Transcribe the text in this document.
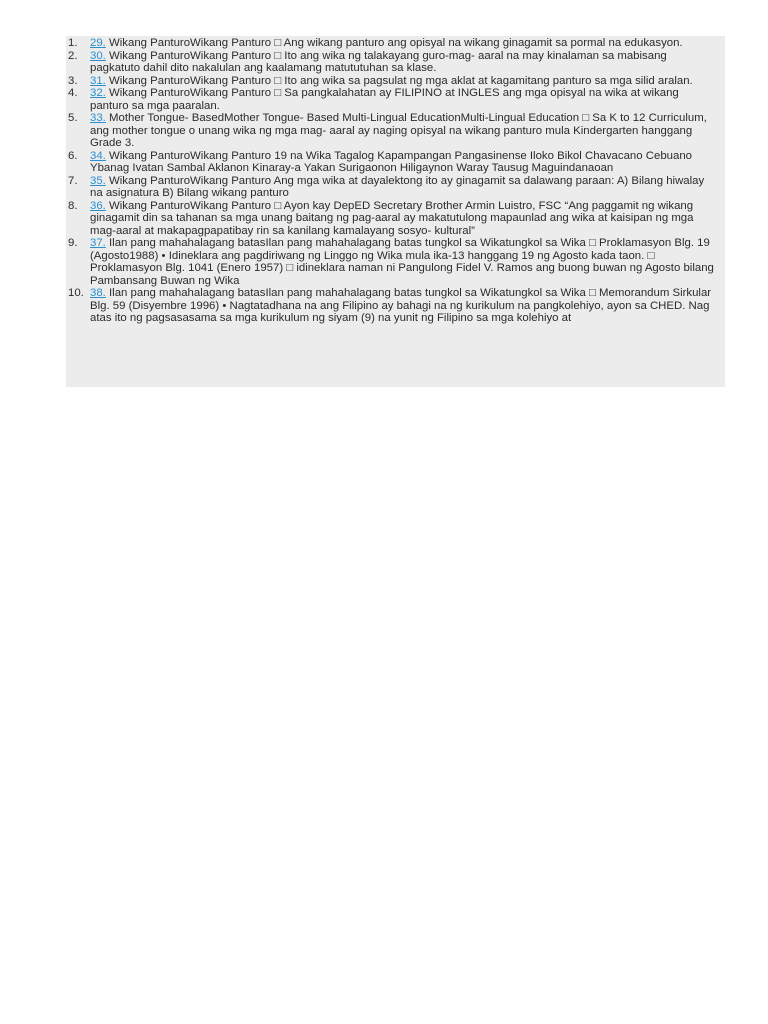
1.	29. Wikang PanturoWikang Panturo □ Ang wikang panturo ang opisyal na wikang ginagamit sa pormal na edukasyon.
2.	30. Wikang PanturoWikang Panturo □ Ito ang wika ng talakayang guro-mag- aaral na may kinalaman sa mabisang pagkatuto dahil dito nakalulan ang kaalamang matututuhan sa klase.
3.	31. Wikang PanturoWikang Panturo □ Ito ang wika sa pagsulat ng mga aklat at kagamitang panturo sa mga silid aralan.
4.	32. Wikang PanturoWikang Panturo □ Sa pangkalahatan ay FILIPINO at INGLES ang mga opisyal na wika at wikang panturo sa mga paaralan.
5.	33. Mother Tongue- BasedMother Tongue- Based Multi-Lingual EducationMulti-Lingual Education □ Sa K to 12 Curriculum, ang mother tongue o unang wika ng mga mag- aaral ay naging opisyal na wikang panturo mula Kindergarten hanggang Grade 3.
6.	34. Wikang PanturoWikang Panturo 19 na Wika Tagalog Kapampangan Pangasinense Iloko Bikol Chavacano Cebuano Ybanag Ivatan Sambal Aklanon Kinaray-a Yakan Surigaonon Hiligaynon Waray Tausug Maguindanaoan
7.	35. Wikang PanturoWikang Panturo Ang mga wika at dayalektong ito ay ginagamit sa dalawang paraan: A) Bilang hiwalay na asignatura B) Bilang wikang panturo
8.	36. Wikang PanturoWikang Panturo □ Ayon kay DepED Secretary Brother Armin Luistro, FSC “Ang paggamit ng wikang ginagamit din sa tahanan sa mga unang baitang ng pag-aaral ay makatutulong mapaunlad ang wika at kaisipan ng mga mag-aaral at makapagpapatibay rin sa kanilang kamalayang sosyo- kultural”
9.	37. Ilan pang mahahalagang batasIlan pang mahahalagang batas tungkol sa Wikatungkol sa Wika □ Proklamasyon Blg. 19 (Agosto1988) • Idineklara ang pagdiriwang ng Linggo ng Wika mula ika-13 hanggang 19 ng Agosto kada taon. □ Proklamasyon Blg. 1041 (Enero 1957) □ idineklara naman ni Pangulong Fidel V. Ramos ang buong buwan ng Agosto bilang Pambansang Buwan ng Wika
10. 38. Ilan pang mahahalagang batasIlan pang mahahalagang batas tungkol sa Wikatungkol sa Wika □ Memorandum Sirkular Blg. 59 (Disyembre 1996) • Nagtatadhana na ang Filipino ay bahagi na ng kurikulum na pangkolehiyo, ayon sa CHED. Nag atas ito ng pagsasasama sa mga kurikulum ng siyam (9) na yunit ng Filipino sa mga kolehiyo at
